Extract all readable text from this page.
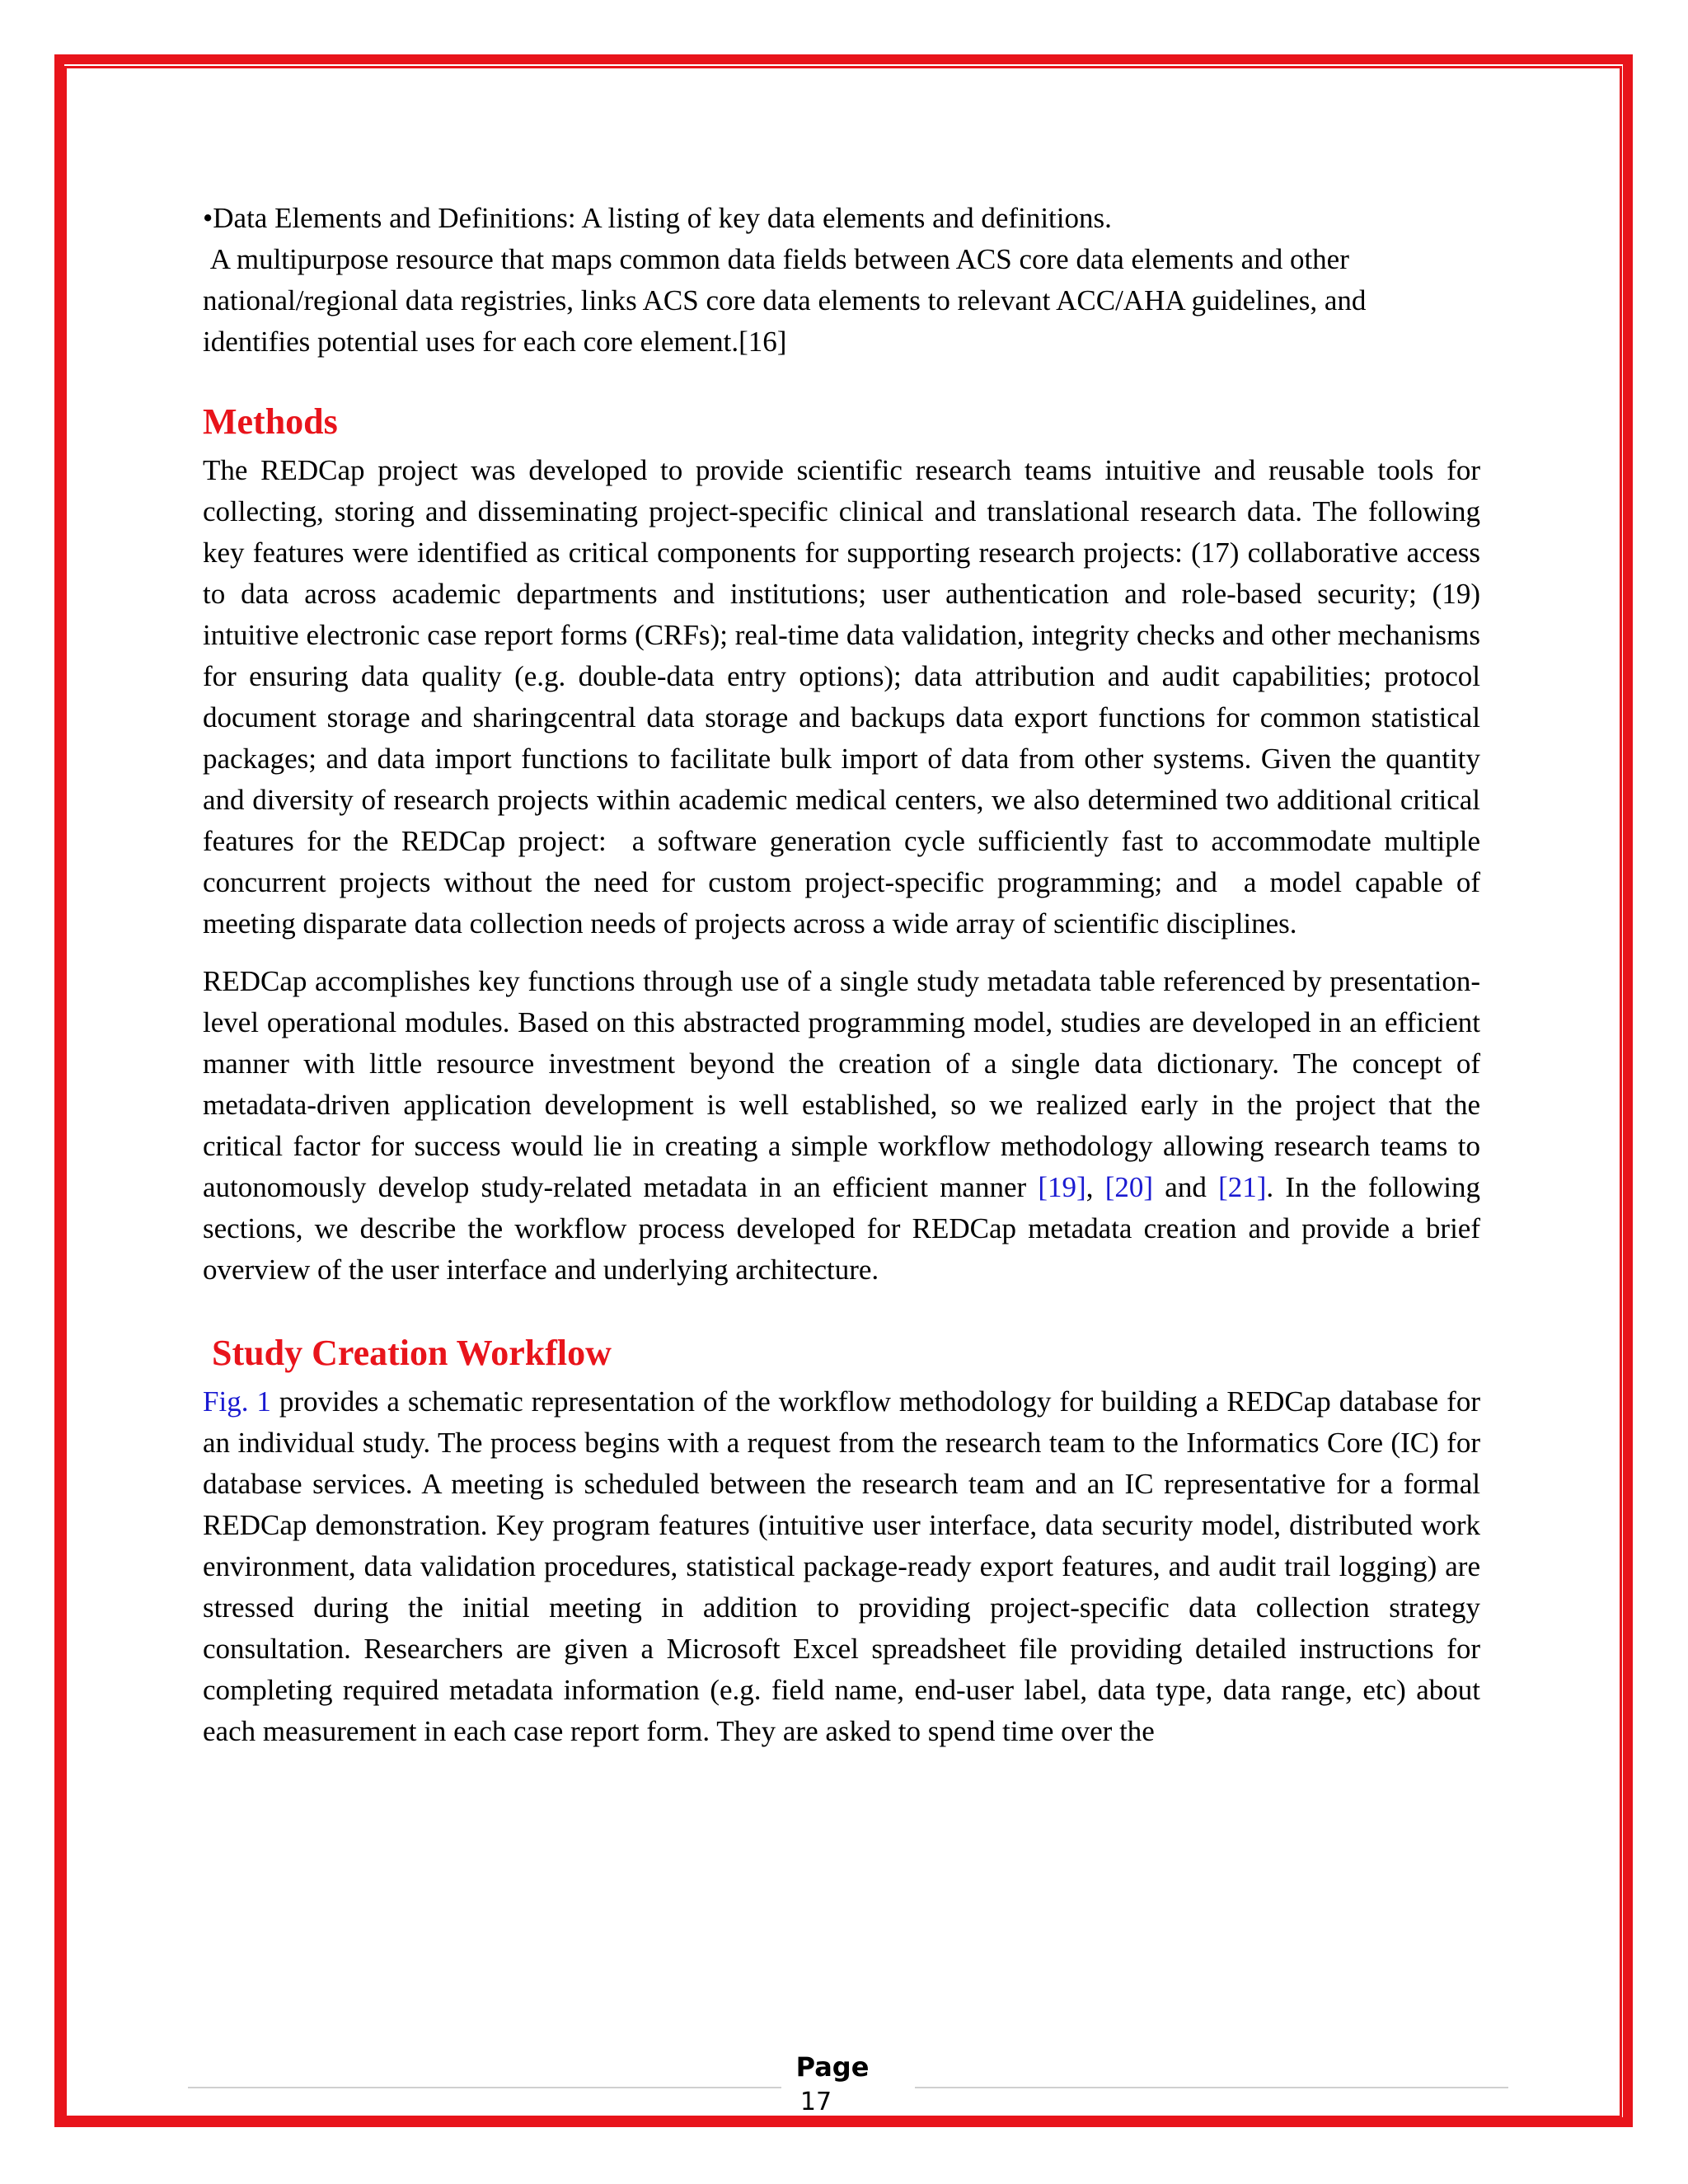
•Data Elements and Definitions: A listing of key data elements and definitions.

A multipurpose resource that maps common data fields between ACS core data elements and other national/regional data registries, links ACS core data elements to relevant ACC/AHA guidelines, and identifies potential uses for each core element.[16]

Methods

The REDCap project was developed to provide scientific research teams intuitive and reusable tools for collecting, storing and disseminating project-specific clinical and translational research data. The following key features were identified as critical components for supporting research projects: (17) collaborative access to data across academic departments and institutions; user authentication and role-based security; (19) intuitive electronic case report forms (CRFs); real-time data validation, integrity checks and other mechanisms for ensuring data quality (e.g. double-data entry options); data attribution and audit capabilities; protocol document storage and sharingcentral data storage and backups data export functions for common statistical packages; and data import functions to facilitate bulk import of data from other systems. Given the quantity and diversity of research projects within academic medical centers, we also determined two additional critical features for the REDCap project:  a software generation cycle sufficiently fast to accommodate multiple concurrent projects without the need for custom project-specific programming; and  a model capable of meeting disparate data collection needs of projects across a wide array of scientific disciplines.

REDCap accomplishes key functions through use of a single study metadata table referenced by presentation-level operational modules. Based on this abstracted programming model, studies are developed in an efficient manner with little resource investment beyond the creation of a single data dictionary. The concept of metadata-driven application development is well established, so we realized early in the project that the critical factor for success would lie in creating a simple workflow methodology allowing research teams to autonomously develop study-related metadata in an efficient manner [19], [20] and [21]. In the following sections, we describe the workflow process developed for REDCap metadata creation and provide a brief overview of the user interface and underlying architecture.

Study Creation Workflow

Fig. 1 provides a schematic representation of the workflow methodology for building a REDCap database for an individual study. The process begins with a request from the research team to the Informatics Core (IC) for database services. A meeting is scheduled between the research team and an IC representative for a formal REDCap demonstration. Key program features (intuitive user interface, data security model, distributed work environment, data validation procedures, statistical package-ready export features, and audit trail logging) are stressed during the initial meeting in addition to providing project-specific data collection strategy consultation. Researchers are given a Microsoft Excel spreadsheet file providing detailed instructions for completing required metadata information (e.g. field name, end-user label, data type, data range, etc) about each measurement in each case report form. They are asked to spend time over the

Page
17
